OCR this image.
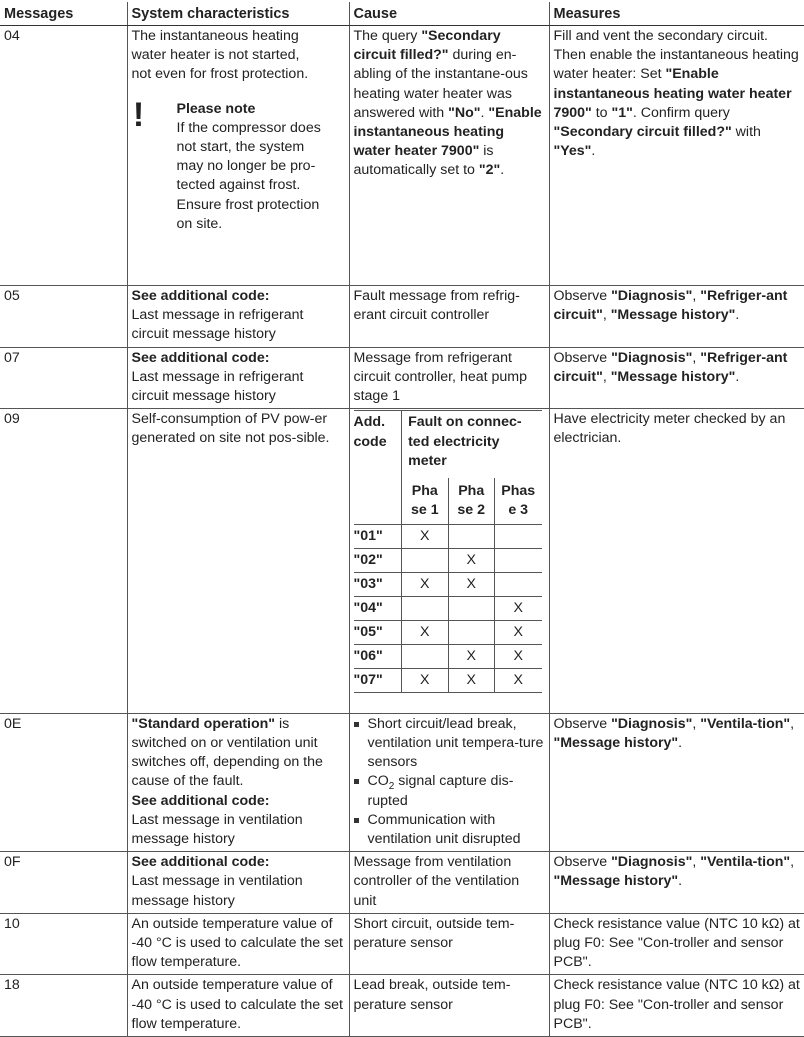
Messages	System characteristics	Cause	Measures
04	The instantaneous heating
water heater is not started,
not even for frost protection.
! Please note
If the compressor does
not start, the system
may no longer be pro-
tected against frost.
Ensure frost protection
on site.
	The query "Secondary circuit filled?" during en-abling of the instantane-ous heating water heater was answered with "No". "Enable instantaneous heating water heater 7900" is automatically set to "2".	Fill and vent the secondary circuit. Then enable the instantaneous heating water heater: Set "Enable instantaneous heating water heater 7900" to "1". Confirm query "Secondary circuit filled?" with "Yes".
05	See additional code:
Last message in refrigerant
circuit message history
	Fault message from refrig-erant circuit controller	Observe "Diagnosis", "Refriger-ant circuit", "Message history".
07	See additional code:
Last message in refrigerant
circuit message history
	Message from refrigerant circuit controller, heat pump stage 1	Observe "Diagnosis", "Refriger-ant circuit", "Message history".
09	Self-consumption of PV pow-er generated on site not pos-sible.	
Add. code	Fault on connec-ted electricity meter
Pha se 1	Pha se 2	Phas e 3
"01"	X		
"02"		X	
"03"	X	X	
"04"			X
"05"	X		X
"06"		X	X
"07"	X	X	X
	Have electricity meter checked by an electrician.
0E	"Standard operation" is switched on or ventilation unit switches off, depending on the cause of the fault.
See additional code:
Last message in ventilation message history

Short circuit/lead break, ventilation unit tempera-ture sensors
$CO_2$ signal capture dis-rupted
Communication with ventilation unit disrupted
	Observe "Diagnosis", "Ventila-tion", "Message history".
0F	See additional code:
Last message in ventilation message history
	Message from ventilation controller of the ventilation unit	Observe "Diagnosis", "Ventila-tion", "Message history".
10	An outside temperature value of -40 °C is used to calculate the set flow temperature.	Short circuit, outside tem-perature sensor	Check resistance value (NTC 10 kΩ) at plug F0: See "Con-troller and sensor PCB".
18	An outside temperature value of -40 °C is used to calculate the set flow temperature.	Lead break, outside tem-perature sensor	Check resistance value (NTC 10 kΩ) at plug F0: See "Con-troller and sensor PCB".
